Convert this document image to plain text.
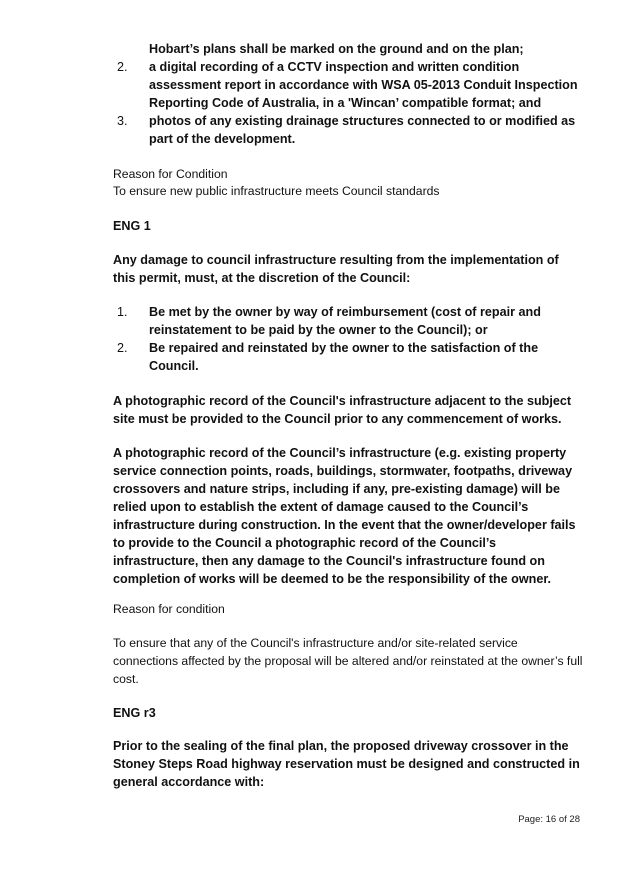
Hobart’s plans shall be marked on the ground and on the plan;
2. a digital recording of a CCTV inspection and written condition assessment report in accordance with WSA 05-2013 Conduit Inspection Reporting Code of Australia, in a 'Wincan’ compatible format; and
3. photos of any existing drainage structures connected to or modified as part of the development.
Reason for Condition
To ensure new public infrastructure meets Council standards
ENG 1
Any damage to council infrastructure resulting from the implementation of this permit, must, at the discretion of the Council:
1. Be met by the owner by way of reimbursement (cost of repair and reinstatement to be paid by the owner to the Council); or
2. Be repaired and reinstated by the owner to the satisfaction of the Council.
A photographic record of the Council's infrastructure adjacent to the subject site must be provided to the Council prior to any commencement of works.
A photographic record of the Council’s infrastructure (e.g. existing property service connection points, roads, buildings, stormwater, footpaths, driveway crossovers and nature strips, including if any, pre-existing damage) will be relied upon to establish the extent of damage caused to the Council’s infrastructure during construction. In the event that the owner/developer fails to provide to the Council a photographic record of the Council’s infrastructure, then any damage to the Council's infrastructure found on completion of works will be deemed to be the responsibility of the owner.
Reason for condition
To ensure that any of the Council's infrastructure and/or site-related service connections affected by the proposal will be altered and/or reinstated at the owner’s full cost.
ENG r3
Prior to the sealing of the final plan, the proposed driveway crossover in the Stoney Steps Road highway reservation must be designed and constructed in general accordance with:
Page: 16 of 28
